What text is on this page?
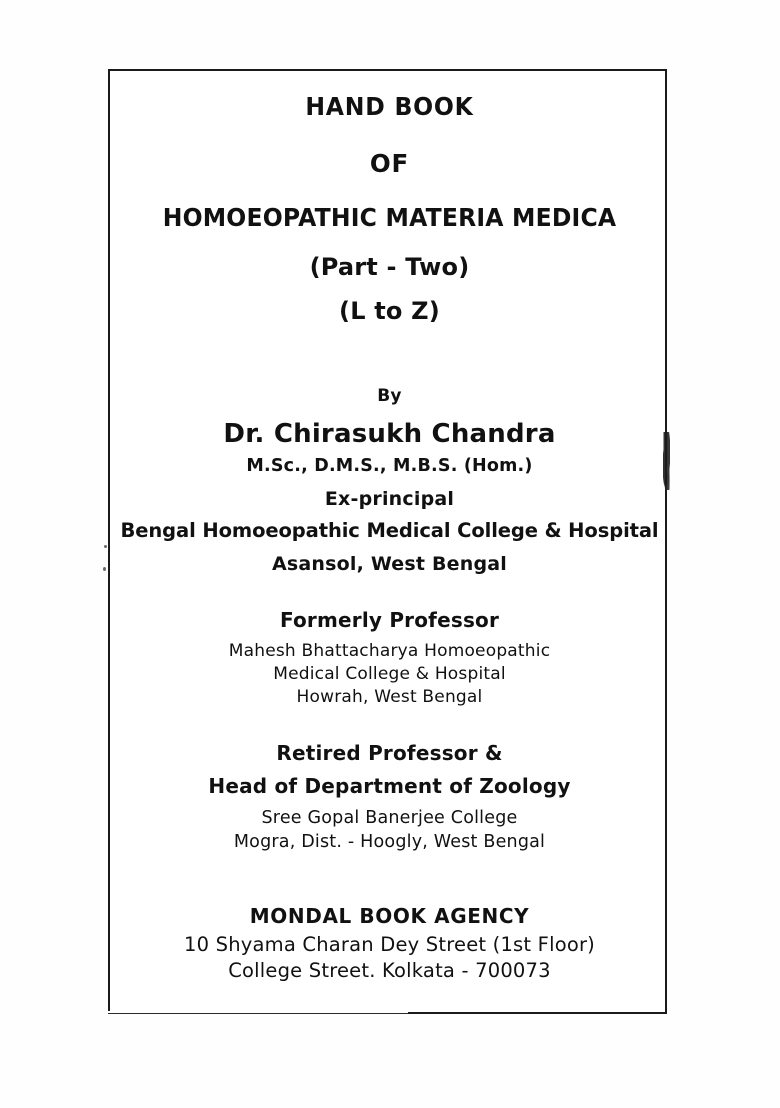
HAND BOOK
OF
HOMOEOPATHIC MATERIA MEDICA
(Part - Two)
(L to Z)
By
Dr. Chirasukh Chandra
M.Sc., D.M.S., M.B.S. (Hom.)
Ex-principal
Bengal Homoeopathic Medical College & Hospital
Asansol, West Bengal
Formerly Professor
Mahesh Bhattacharya Homoeopathic
Medical College & Hospital
Howrah, West Bengal
Retired Professor &
Head of Department of Zoology
Sree Gopal Banerjee College
Mogra, Dist. - Hoogly, West Bengal
MONDAL BOOK AGENCY
10 Shyama Charan Dey Street (1st Floor)
College Street. Kolkata - 700073
